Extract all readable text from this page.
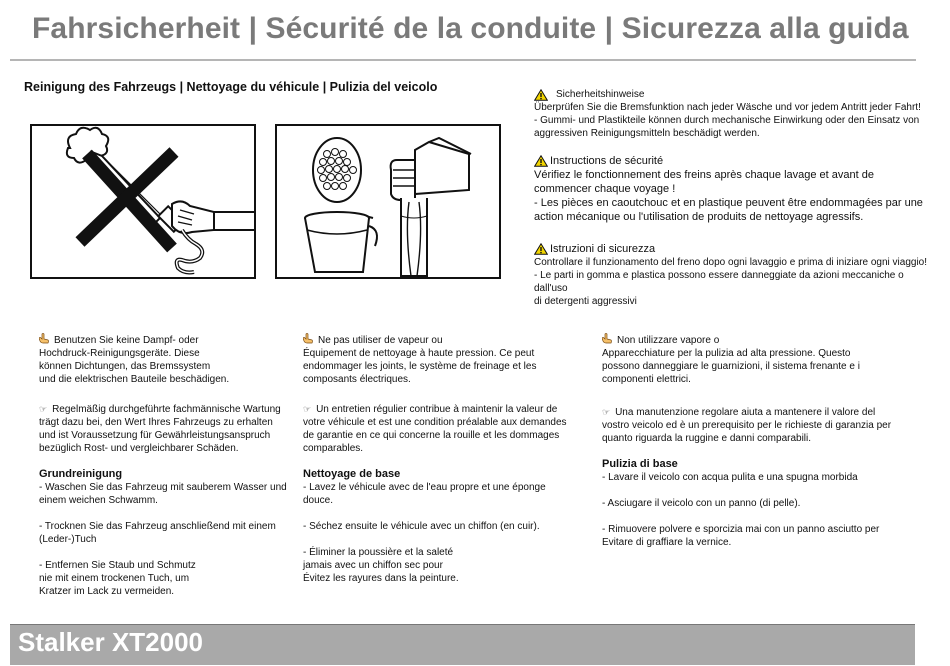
Fahrsicherheit | Sécurité de la conduite | Sicurezza alla guida
Reinigung des Fahrzeugs | Nettoyage du véhicule | Pulizia del veicolo
Sicherheitshinweise

Überprüfen Sie die Bremsfunktion nach jeder Wäsche und vor jedem Antritt jeder Fahrt!

- Gummi- und Plastikteile können durch mechanische Einwirkung oder den Einsatz von

aggressiven Reinigungsmitteln beschädigt werden.

Instructions de sécurité

Vérifiez le fonctionnement des freins après chaque lavage et avant de

commencer chaque voyage !

- Les pièces en caoutchouc et en plastique peuvent être endommagées par une

action mécanique ou l'utilisation de produits de nettoyage agressifs.

Istruzioni di sicurezza

Controllare il funzionamento del freno dopo ogni lavaggio e prima di iniziare ogni viaggio!

- Le parti in gomma e plastica possono essere danneggiate da azioni meccaniche o dall'uso

di detergenti aggressivi

Benutzen Sie keine Dampf- oder

Hochdruck-Reinigungsgeräte. Diese

können Dichtungen, das Bremssystem

und die elektrischen Bauteile beschädigen.

☞ Regelmäßig durchgeführte fachmännische Wartung

trägt dazu bei, den Wert Ihres Fahrzeugs zu erhalten

und ist Voraussetzung für Gewährleistungsanspruch

bezüglich Rost- und vergleichbarer Schäden.

Grundreinigung

- Waschen Sie das Fahrzeug mit sauberem Wasser und

einem weichen Schwamm.

- Trocknen Sie das Fahrzeug anschließend mit einem

(Leder-)Tuch

- Entfernen Sie Staub und Schmutz

nie mit einem trockenen Tuch, um

Kratzer im Lack zu vermeiden.

Ne pas utiliser de vapeur ou

Équipement de nettoyage à haute pression. Ce peut

endommager les joints, le système de freinage et les

composants électriques.

☞ Un entretien régulier contribue à maintenir la valeur de

votre véhicule et est une condition préalable aux demandes

de garantie en ce qui concerne la rouille et les dommages

comparables.

Nettoyage de base

- Lavez le véhicule avec de l'eau propre et une éponge

douce.

- Séchez ensuite le véhicule avec un chiffon (en cuir).

- Éliminer la poussière et la saleté

jamais avec un chiffon sec pour

Évitez les rayures dans la peinture.

Non utilizzare vapore o

Apparecchiature per la pulizia ad alta pressione. Questo

possono danneggiare le guarnizioni, il sistema frenante e i

componenti elettrici.

☞ Una manutenzione regolare aiuta a mantenere il valore del

vostro veicolo ed è un prerequisito per le richieste di garanzia per

quanto riguarda la ruggine e danni comparabili.

Pulizia di base

- Lavare il veicolo con acqua pulita e una spugna morbida

- Asciugare il veicolo con un panno (di pelle).

- Rimuovere polvere e sporcizia mai con un panno asciutto per

Evitare di graffiare la vernice.

Stalker XT2000
